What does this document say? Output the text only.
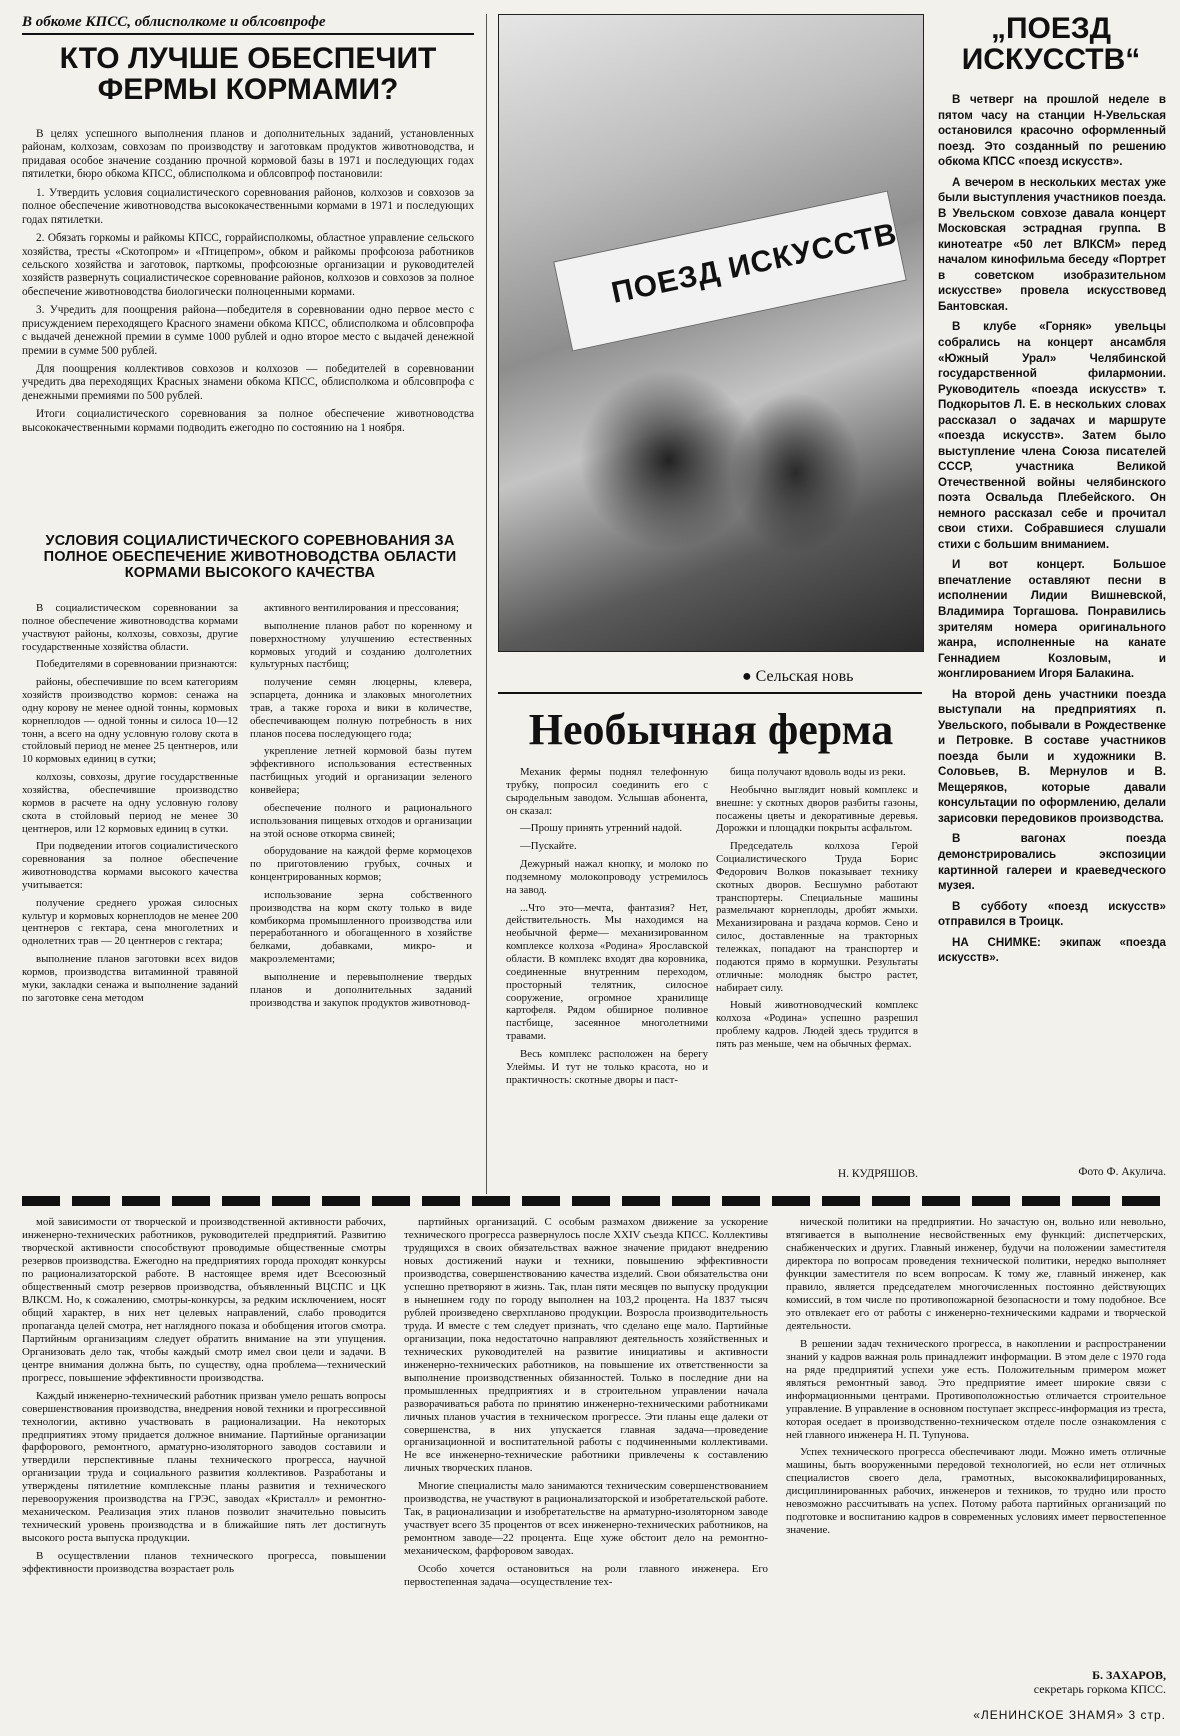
В обкоме КПСС, облисполкоме и облсовпрофе
КТО ЛУЧШЕ ОБЕСПЕЧИТ ФЕРМЫ КОРМАМИ?

В целях успешного выполнения планов и дополнительных заданий, установленных районам, колхозам, совхозам по производству и заготовкам продуктов животноводства, и придавая особое значение созданию прочной кормовой базы в 1971 и последующих годах пятилетки, бюро обкома КПСС, облисполкома и облсовпроф постановили:

1. Утвердить условия социалистического соревнования районов, колхозов и совхозов за полное обеспечение животноводства высококачественными кормами в 1971 и последующих годах пятилетки.

2. Обязать горкомы и райкомы КПСС, горрайисполкомы, областное управление сельского хозяйства, тресты «Скотопром» и «Птицепром», обком и райкомы профсоюза работников сельского хозяйства и заготовок, парткомы, профсоюзные организации и руководителей хозяйств развернуть социалистическое соревнование районов, колхозов и совхозов за полное обеспечение животноводства биологически полноценными кормами.

3. Учредить для поощрения района—победителя в соревновании одно первое место с присуждением переходящего Красного знамени обкома КПСС, облисполкома и облсовпрофа с выдачей денежной премии в сумме 1000 рублей и одно второе место с выдачей денежной премии в сумме 500 рублей.

Для поощрения коллективов совхозов и колхозов — победителей в соревновании учредить два переходящих Красных знамени обкома КПСС, облисполкома и облсовпрофа с денежными премиями по 500 рублей.

Итоги социалистического соревнования за полное обеспечение животноводства высококачественными кормами подводить ежегодно по состоянию на 1 ноября.

УСЛОВИЯ СОЦИАЛИСТИЧЕСКОГО СОРЕВНОВАНИЯ ЗА ПОЛНОЕ ОБЕСПЕЧЕНИЕ ЖИВОТНОВОДСТВА ОБЛАСТИ КОРМАМИ ВЫСОКОГО КАЧЕСТВА

В социалистическом соревновании за полное обеспечение животноводства кормами участвуют районы, колхозы, совхозы, другие государственные хозяйства области.

Победителями в соревновании признаются:

районы, обеспечившие по всем категориям хозяйств производство кормов: сенажа на одну корову не менее одной тонны, кормовых корнеплодов — одной тонны и силоса 10—12 тонн, а всего на одну условную голову скота в стойловый период не менее 25 центнеров, или 10 кормовых единиц в сутки;

колхозы, совхозы, другие государственные хозяйства, обеспечившие производство кормов в расчете на одну условную голову скота в стойловый период не менее 30 центнеров, или 12 кормовых единиц в сутки.

При подведении итогов социалистического соревнования за полное обеспечение животноводства кормами высокого качества учитывается:

получение среднего урожая силосных культур и кормовых корнеплодов не менее 200 центнеров с гектара, сена многолетних и однолетних трав — 20 центнеров с гектара;

выполнение планов заготовки всех видов кормов, производства витаминной травяной муки, закладки сенажа и выполнение заданий по заготовке сена методом

активного вентилирования и прессования;

выполнение планов работ по коренному и поверхностному улучшению естественных кормовых угодий и созданию долголетних культурных пастбищ;

получение семян люцерны, клевера, эспарцета, донника и злаковых многолетних трав, а также гороха и вики в количестве, обеспечивающем полную потребность в них планов посева последующего года;

укрепление летней кормовой базы путем эффективного использования естественных пастбищных угодий и организации зеленого конвейера;

обеспечение полного и рационального использования пищевых отходов и организации на этой основе откорма свиней;

оборудование на каждой ферме кормоцехов по приготовлению грубых, сочных и концентрированных кормов;

использование зерна собственного производства на корм скоту только в виде комбикорма промышленного производства или переработанного и обогащенного в хозяйстве белками, добавками, микро- и макроэлементами;

выполнение и перевыполнение твердых планов и дополнительных заданий производства и закупок продуктов животновод-

ПОЕЗД ИСКУССТВ
„ПОЕЗД ИСКУССТВ“

В четверг на прошлой неделе в пятом часу на станции Н-Увельская остановился красочно оформленный поезд. Это созданный по решению обкома КПСС «поезд искусств».

А вечером в нескольких местах уже были выступления участников поезда. В Увельском совхозе давала концерт Московская эстрадная группа. В кинотеатре «50 лет ВЛКСМ» перед началом кинофильма беседу «Портрет в советском изобразительном искусстве» провела искусствовед Бантовская.

В клубе «Горняк» увельцы собрались на концерт ансамбля «Южный Урал» Челябинской государственной филармонии. Руководитель «поезда искусств» т. Подкорытов Л. Е. в нескольких словах рассказал о задачах и маршруте «поезда искусств». Затем было выступление члена Союза писателей СССР, участника Великой Отечественной войны челябинского поэта Освальда Плебейского. Он немного рассказал себе и прочитал свои стихи. Собравшиеся слушали стихи с большим вниманием.

И вот концерт. Большое впечатление оставляют песни в исполнении Лидии Вишневской, Владимира Торгашова. Понравились зрителям номера оригинального жанра, исполненные на канате Геннадием Козловым, и жонглированием Игоря Балакина.

На второй день участники поезда выступали на предприятиях п. Увельского, побывали в Рождественке и Петровке. В составе участников поезда были и художники В. Соловьев, В. Мернулов и В. Мещеряков, которые давали консультации по оформлению, делали зарисовки передовиков производства.

В вагонах поезда демонстрировались экспозиции картинной галереи и краеведческого музея.

В субботу «поезд искусств» отправился в Троицк.

НА СНИМКЕ: экипаж «поезда искусств».

Фото Ф. Акулича.
● Сельская новь
Необычная ферма

Механик фермы поднял телефонную трубку, попросил соединить его с сыродельным заводом. Услышав абонента, он сказал:

—Прошу принять утренний надой.

—Пускайте.

Дежурный нажал кнопку, и молоко по подземному молокопроводу устремилось на завод.

...Что это—мечта, фантазия? Нет, действительность. Мы находимся на необычной ферме— механизированном комплексе колхоза «Родина» Ярославской области. В комплекс входят два коровника, соединенные внутренним переходом, просторный телятник, силосное сооружение, огромное хранилище картофеля. Рядом обширное поливное пастбище, засеянное многолетними травами.

Весь комплекс расположен на берегу Улеймы. И тут не только красота, но и практичность: скотные дворы и паст-

бища получают вдоволь воды из реки.

Необычно выглядит новый комплекс и внешне: у скотных дворов разбиты газоны, посажены цветы и декоративные деревья. Дорожки и площадки покрыты асфальтом.

Председатель колхоза Герой Социалистического Труда Борис Федорович Волков показывает технику скотных дворов. Бесшумно работают транспортеры. Специальные машины размельчают корнеплоды, дробят жмыхи. Механизирована и раздача кормов. Сено и силос, доставленные на тракторных тележках, попадают на транспортер и подаются прямо в кормушки. Результаты отличные: молодняк быстро растет, набирает силу.

Новый животноводческий комплекс колхоза «Родина» успешно разрешил проблему кадров. Людей здесь трудится в пять раз меньше, чем на обычных фермах.

Н. КУДРЯШОВ.

мой зависимости от творческой и производственной активности рабочих, инженерно-технических работников, руководителей предприятий. Развитию творческой активности способствуют проводимые общественные смотры резервов производства. Ежегодно на предприятиях города проходят конкурсы по рационализаторской работе. В настоящее время идет Всесоюзный общественный смотр резервов производства, объявленный ВЦСПС и ЦК ВЛКСМ. Но, к сожалению, смотры-конкурсы, за редким исключением, носят общий характер, в них нет целевых направлений, слабо проводится пропаганда целей смотра, нет наглядного показа и обобщения итогов смотра. Партийным организациям следует обратить внимание на эти упущения. Организовать дело так, чтобы каждый смотр имел свои цели и задачи. В центре внимания должна быть, по существу, одна проблема—технический прогресс, повышение эффективности производства.

Каждый инженерно-технический работник призван умело решать вопросы совершенствования производства, внедрения новой техники и прогрессивной технологии, активно участвовать в рационализации. На некоторых предприятиях этому придается должное внимание. Партийные организации фарфорового, ремонтного, арматурно-изоляторного заводов составили и утвердили перспективные планы технического прогресса, научной организации труда и социального развития коллективов. Разработаны и утверждены пятилетние комплексные планы развития и технического перевооружения производства на ГРЭС, заводах «Кристалл» и ремонтно-механическом. Реализация этих планов позволит значительно повысить технический уровень производства и в ближайшие пять лет достигнуть высокого роста выпуска продукции.

В осуществлении планов технического прогресса, повышении эффективности производства возрастает роль

партийных организаций. С особым размахом движение за ускорение технического прогресса развернулось после XXIV съезда КПСС. Коллективы трудящихся в своих обязательствах важное значение придают внедрению новых достижений науки и техники, повышению эффективности производства, совершенствованию качества изделий. Свои обязательства они успешно претворяют в жизнь. Так, план пяти месяцев по выпуску продукции в нынешнем году по городу выполнен на 103,2 процента. На 1837 тысяч рублей произведено сверхпланово продукции. Возросла производительность труда. И вместе с тем следует признать, что сделано еще мало. Партийные организации, пока недостаточно направляют деятельность хозяйственных и технических руководителей на развитие инициативы и активности инженерно-технических работников, на повышение их ответственности за выполнение производственных обязанностей. Только в последние дни на промышленных предприятиях и в строительном управлении начала разворачиваться работа по принятию инженерно-техническими работниками личных планов участия в техническом прогрессе. Эти планы еще далеки от совершенства, в них упускается главная задача—проведение организационной и воспитательной работы с подчиненными коллективами. Не все инженерно-технические работники привлечены к составлению личных творческих планов.

Многие специалисты мало занимаются техническим совершенствованием производства, не участвуют в рационализаторской и изобретательской работе. Так, в рационализации и изобретательстве на арматурно-изоляторном заводе участвует всего 35 процентов от всех инженерно-технических работников, на ремонтном заводе—22 процента. Еще хуже обстоит дело на ремонтно-механическом, фарфоровом заводах.

Особо хочется остановиться на роли главного инженера. Его первостепенная задача—осуществление тех-

нической политики на предприятии. Но зачастую он, вольно или невольно, втягивается в выполнение несвойственных ему функций: диспетчерских, снабженческих и других. Главный инженер, будучи на положении заместителя директора по вопросам проведения технической политики, нередко выполняет функции заместителя по всем вопросам. К тому же, главный инженер, как правило, является председателем многочисленных постоянно действующих комиссий, в том числе по противопожарной безопасности и тому подобное. Все это отвлекает его от работы с инженерно-техническими кадрами и творческой деятельности.

В решении задач технического прогресса, в накоплении и распространении знаний у кадров важная роль принадлежит информации. В этом деле с 1970 года на ряде предприятий успехи уже есть. Положительным примером может являться ремонтный завод. Это предприятие имеет широкие связи с информационными центрами. Противоположностью отличается строительное управление. В управление в основном поступает экспресс-информация из треста, которая оседает в производственно-техническом отделе после ознакомления с ней главного инженера Н. П. Тупунова.

Успех технического прогресса обеспечивают люди. Можно иметь отличные машины, быть вооруженными передовой технологией, но если нет отличных специалистов своего дела, грамотных, высококвалифицированных, дисциплинированных рабочих, инженеров и техников, то трудно или просто невозможно рассчитывать на успех. Потому работа партийных организаций по подготовке и воспитанию кадров в современных условиях имеет первостепенное значение.

Б. ЗАХАРОВ,
секретарь горкома КПСС.
«ЛЕНИНСКОЕ ЗНАМЯ» 3 стр.
